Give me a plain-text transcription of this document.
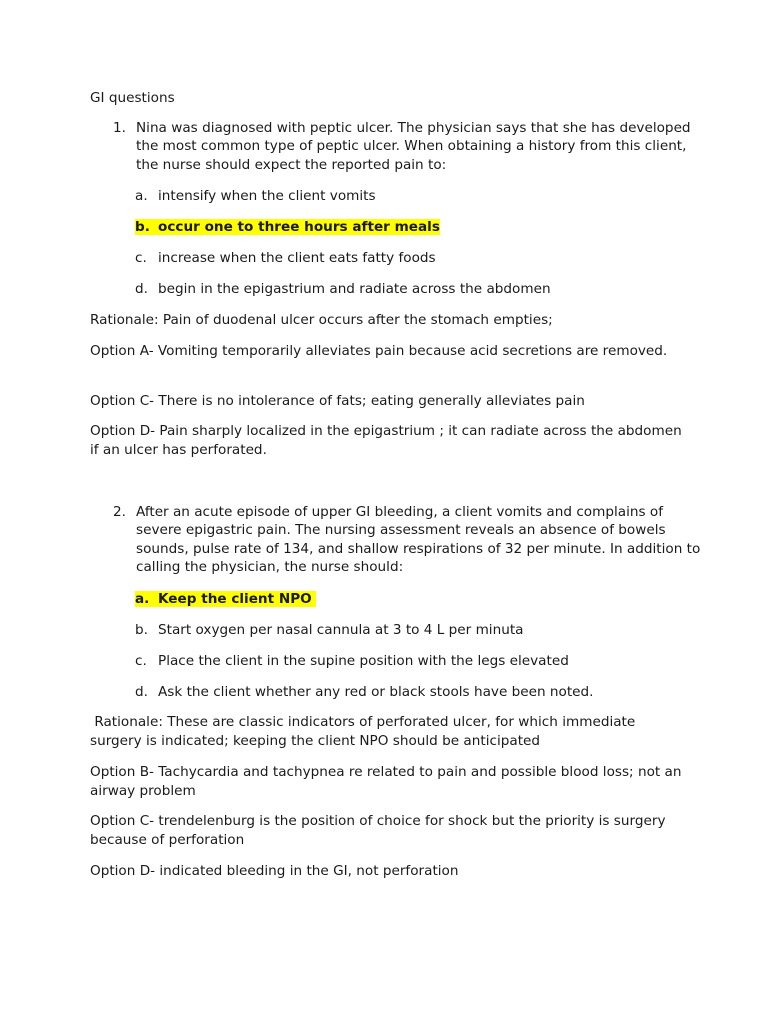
GI questions
1. Nina was diagnosed with peptic ulcer. The physician says that she has developed the most common type of peptic ulcer. When obtaining a history from this client, the nurse should expect the reported pain to:
a. intensify when the client vomits
b. occur one to three hours after meals
c. increase when the client eats fatty foods
d. begin in the epigastrium and radiate across the abdomen
Rationale: Pain of duodenal ulcer occurs after the stomach empties;
Option A- Vomiting temporarily alleviates pain because acid secretions are removed.
Option C- There is no intolerance of fats; eating generally alleviates pain
Option D- Pain sharply localized in the epigastrium ; it can radiate across the abdomen if an ulcer has perforated.
2. After an acute episode of upper GI bleeding, a client vomits and complains of severe epigastric pain. The nursing assessment reveals an absence of bowels sounds, pulse rate of 134, and shallow respirations of 32 per minute. In addition to calling the physician, the nurse should:
a. Keep the client NPO
b. Start oxygen per nasal cannula at 3 to 4 L per minuta
c. Place the client in the supine position with the legs elevated
d. Ask the client whether any red or black stools have been noted.
Rationale: These are classic indicators of perforated ulcer, for which immediate surgery is indicated; keeping the client NPO should be anticipated
Option B- Tachycardia and tachypnea re related to pain and possible blood loss; not an airway problem
Option C- trendelenburg is the position of choice for shock but the priority is surgery because of perforation
Option D- indicated bleeding in the GI, not perforation
